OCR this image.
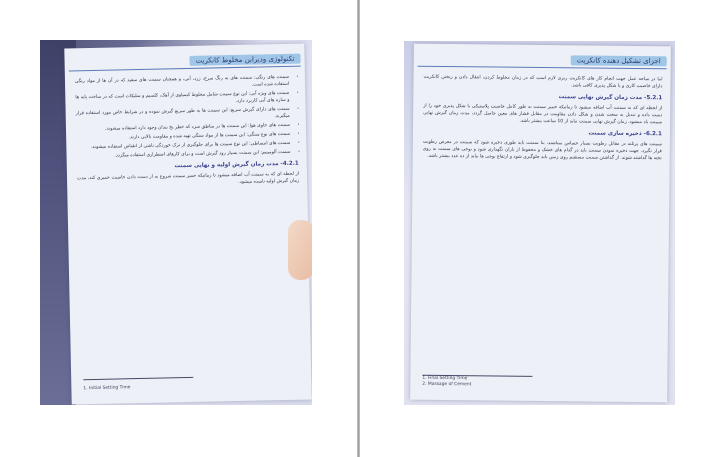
تکنولوژی ودیرابن مخلوط کانکریت
• سمنت های رنگی: سمنت های به رنگ سرخ، زرد، آبی، و همچنان سمنت های سفید که در آن ها از مواد رنگی استفاده شده است.
• سمنت های ویژه آبی: این نوع سمنت شامل مخلوط کیمیاوی از آهک، کلسیم و سلیکات است که در ساخت پایه ها و سازه های آبی کاربرد دارد.
• سمنت های دارای گیرش سریع: این سمنت ها به طور سریع گیرش نموده و در شرایط خاص مورد استفاده قرار میگیرند.
• سمنت های حاوی هوا: این سمنت ها در مناطق سرد که خطر یخ بندان وجود دارد استفاده میشوند.
• سمنت های نوع سنگی: این سمنت ها از مواد سنگی تهیه شده و مقاومت بالایی دارند.
• سمنت های انبساطی: این نوع سمنت ها برای جلوگیری از ترک خوردگی ناشی از انقباض استفاده میشوند.
• سمنت آلومینیم: این سمنت بسیار زود گیرش است و برای کارهای اضطراری استفاده میگردد.
4.2.1- مدت زمان گیرش اولیه و نهایی سمنت

از لحظه ای که به سمنت آب اضافه میشود تا زمانیکه خمیر سمنت شروع به از دست دادن خاصیت خمیری کند، مدت زمان گیرش اولیه نامیده میشود.

1. Initial Setting Time
اجزای تشکیل دهنده کانکریت

اما در ساحه عمل جهت انجام کار های کانکریت ریزی لازم است که در زمان مخلوط کردن، انتقال دادن و ریختن کانکریت دارای خاصیت کاری و یا شکل پذیری کافی باشد.

5.2.1- مدت زمان گیرش نهایی سمنت

از لحظه ای که به سمنت آب اضافه میشود تا زمانیکه خمیر سمنت به طور کامل خاصیت پلاستیکی یا شکل پذیری خود را از دست داده و تبدیل به سخت شدن و شکل دادن مقاومت در مقابل فشار های معین حاصل گردد، مدت زمان گیرش نهایی سمنت یاد میشود. زمان گیرش نهایی سمنت نباید از 10 ساعت بیشتر باشد.

6.2.1- ذخیره سازی سمنت

سمنت های پرتلند در مقابل رطوبت بسیار حساس میباشند، بنا سمنت باید طوری ذخیره شود که سمنت در معرض رطوبت قرار نگیرد. جهت ذخیره نمودن سمنت باید در گدام های خشک و محفوظ از باران نگهداری شود و بوجی های سمنت به روی تخته ها گذاشته شوند. از گذاشتن سمنت مستقیم روی زمین باید جلوگیری شود و ارتفاع بوجی ها نباید از ده عدد بیشتر باشد.

1. Final Setting Time
2. Massage of Cement
